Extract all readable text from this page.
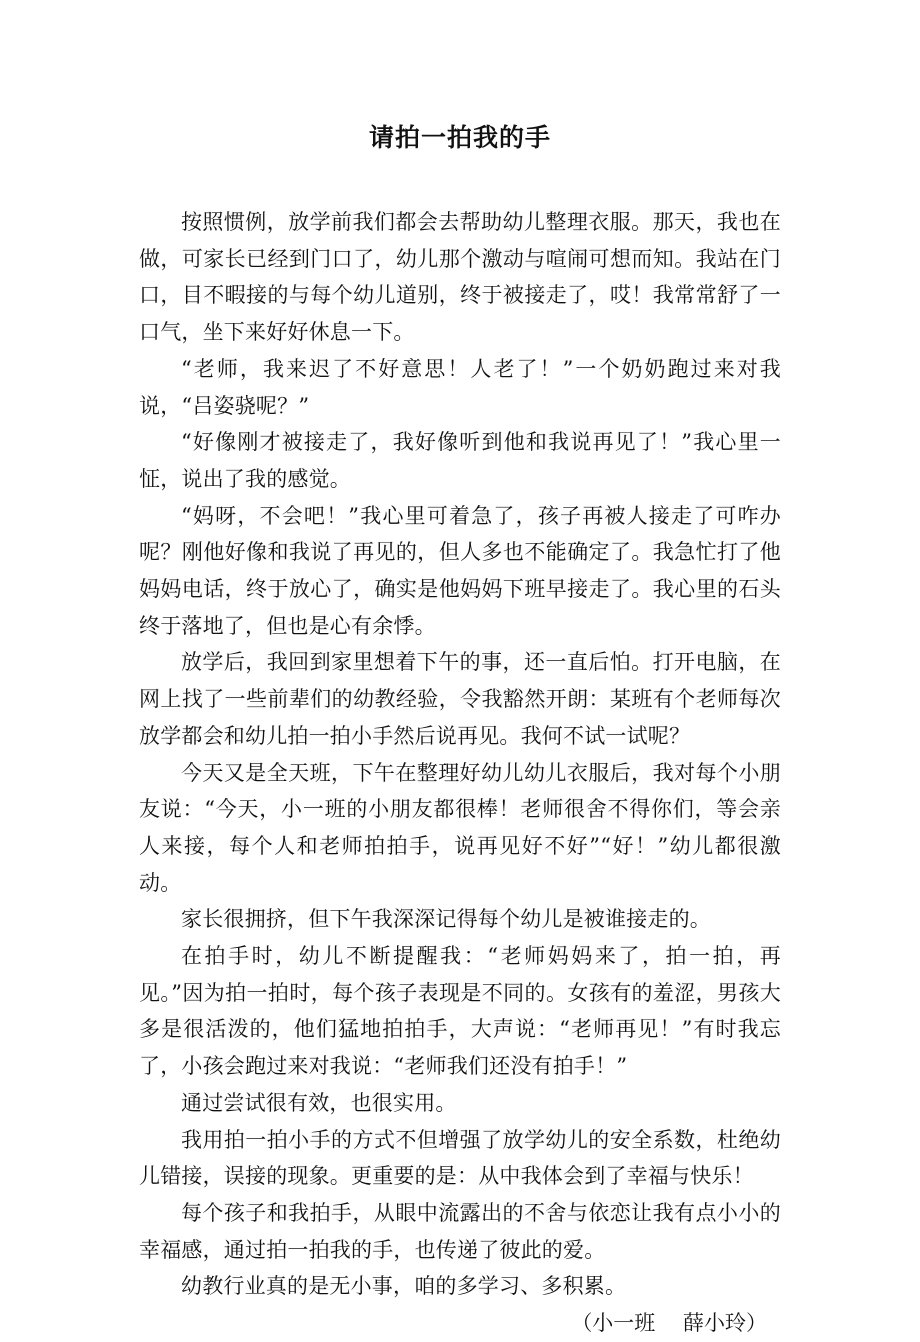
请拍一拍我的手

按照惯例，放学前我们都会去帮助幼儿整理衣服。那天，我也在做，可家长已经到门口了，幼儿那个激动与喧闹可想而知。我站在门口，目不暇接的与每个幼儿道别，终于被接走了，哎！我常常舒了一口气，坐下来好好休息一下。

“老师，我来迟了不好意思！人老了！”一个奶奶跑过来对我说，“吕姿骁呢？”

“好像刚才被接走了，我好像听到他和我说再见了！”我心里一怔，说出了我的感觉。

“妈呀，不会吧！”我心里可着急了，孩子再被人接走了可咋办呢？刚他好像和我说了再见的，但人多也不能确定了。我急忙打了他妈妈电话，终于放心了，确实是他妈妈下班早接走了。我心里的石头终于落地了，但也是心有余悸。

放学后，我回到家里想着下午的事，还一直后怕。打开电脑，在网上找了一些前辈们的幼教经验，令我豁然开朗：某班有个老师每次放学都会和幼儿拍一拍小手然后说再见。我何不试一试呢？

今天又是全天班，下午在整理好幼儿幼儿衣服后，我对每个小朋友说：“今天，小一班的小朋友都很棒！老师很舍不得你们，等会亲人来接，每个人和老师拍拍手，说再见好不好”“好！”幼儿都很激动。

家长很拥挤，但下午我深深记得每个幼儿是被谁接走的。

在拍手时，幼儿不断提醒我：“老师妈妈来了，拍一拍，再见。”因为拍一拍时，每个孩子表现是不同的。女孩有的羞涩，男孩大多是很活泼的，他们猛地拍拍手，大声说：“老师再见！”有时我忘了，小孩会跑过来对我说：“老师我们还没有拍手！”

通过尝试很有效，也很实用。

我用拍一拍小手的方式不但增强了放学幼儿的安全系数，杜绝幼儿错接，误接的现象。更重要的是：从中我体会到了幸福与快乐！

每个孩子和我拍手，从眼中流露出的不舍与依恋让我有点小小的幸福感，通过拍一拍我的手，也传递了彼此的爱。

幼教行业真的是无小事，咱的多学习、多积累。

（小一班　 薛小玲）
